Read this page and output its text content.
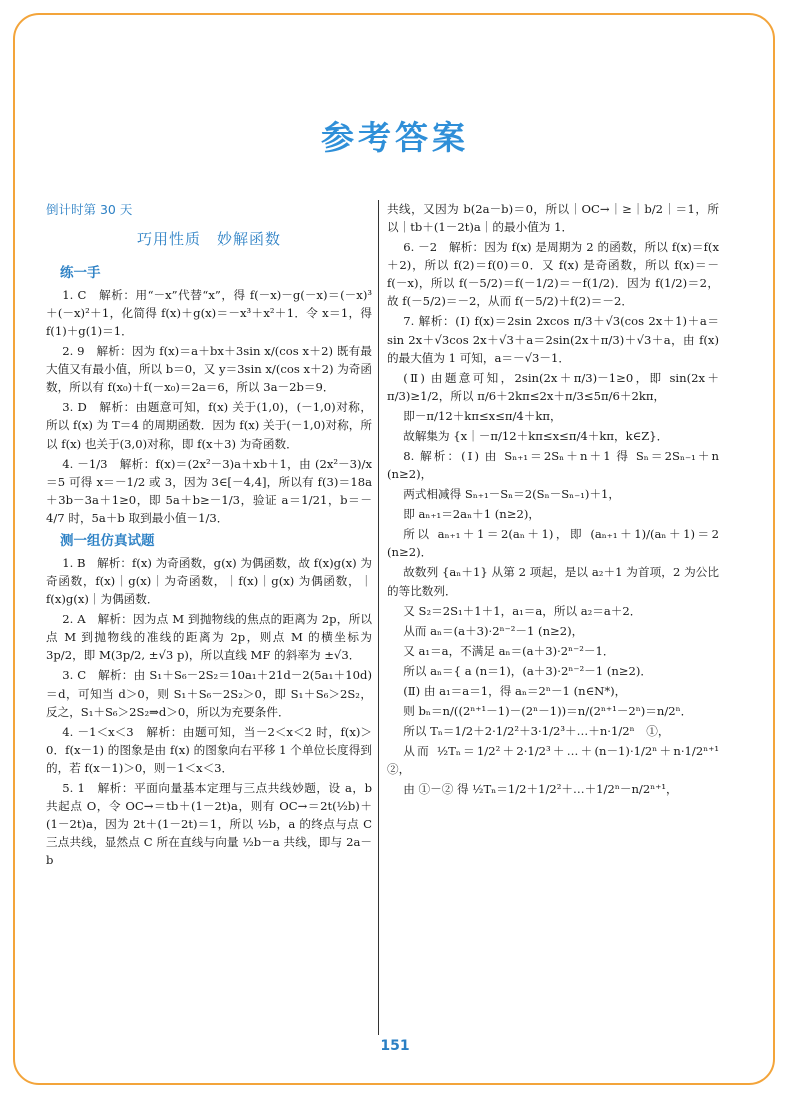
参考答案

倒计时第 30 天

巧用性质　妙解函数

练一手

1. C　解析：用“－x”代替“x”，得 f(－x)－g(－x)＝(－x)³＋(－x)²＋1，化简得 f(x)＋g(x)＝－x³＋x²＋1．令 x＝1，得 f(1)＋g(1)＝1．

2. 9　解析：因为 f(x)＝a＋bx＋3sin x/(cos x＋2) 既有最大值又有最小值，所以 b＝0，又 y＝3sin x/(cos x＋2) 为奇函数，所以有 f(x₀)＋f(－x₀)＝2a＝6，所以 3a－2b＝9．

3. D　解析：由题意可知，f(x) 关于(1,0)，(－1,0)对称，所以 f(x) 为 T＝4 的周期函数．因为 f(x) 关于(－1,0)对称，所以 f(x) 也关于(3,0)对称，即 f(x＋3) 为奇函数．

4. －1/3　解析：f(x)＝(2x²－3)a＋xb＋1，由 (2x²－3)/x ＝5 可得 x＝－1/2 或 3，因为 3∈[－4,4]，所以有 f(3)＝18a＋3b－3a＋1≥0，即 5a＋b≥－1/3，验证 a＝1/21，b＝－4/7 时，5a＋b 取到最小值－1/3．

测一组仿真试题

1. B　解析：f(x) 为奇函数，g(x) 为偶函数，故 f(x)g(x) 为奇函数，f(x)｜g(x)｜为奇函数，｜f(x)｜g(x) 为偶函数，｜f(x)g(x)｜为偶函数．

2. A　解析：因为点 M 到抛物线的焦点的距离为 2p，所以点 M 到抛物线的准线的距离为 2p，则点 M 的横坐标为 3p/2，即 M(3p/2, ±√3 p)，所以直线 MF 的斜率为 ±√3．

3. C　解析：由 S₁＋S₆－2S₂＝10a₁＋21d－2(5a₁＋10d)＝d，可知当 d＞0，则 S₁＋S₆－2S₂＞0，即 S₁＋S₆＞2S₂，反之，S₁＋S₆＞2S₂⇒d＞0，所以为充要条件．

4. －1＜x＜3　解析：由题可知，当－2＜x＜2 时，f(x)＞0．f(x－1) 的图象是由 f(x) 的图象向右平移 1 个单位长度得到的，若 f(x－1)＞0，则－1＜x＜3．

5. 1　解析：平面向量基本定理与三点共线妙题，设 a，b 共起点 O，令 OC→＝tb＋(1－2t)a，则有 OC→＝2t(½b)＋(1－2t)a，因为 2t＋(1－2t)＝1，所以 ½b，a 的终点与点 C 三点共线，显然点 C 所在直线与向量 ½b－a 共线，即与 2a－b

共线，又因为 b(2a－b)＝0，所以｜OC→｜≥｜b/2｜＝1，所以｜tb＋(1－2t)a｜的最小值为 1．

6. －2　解析：因为 f(x) 是周期为 2 的函数，所以 f(x)＝f(x＋2)，所以 f(2)＝f(0)＝0．又 f(x) 是奇函数，所以 f(x)＝－f(－x)，所以 f(－5/2)＝f(－1/2)＝－f(1/2)．因为 f(1/2)＝2，故 f(－5/2)＝－2，从而 f(－5/2)＋f(2)＝－2．

7. 解析：(Ⅰ) f(x)＝2sin 2xcos π/3＋√3(cos 2x＋1)＋a＝sin 2x＋√3cos 2x＋√3＋a＝2sin(2x＋π/3)＋√3＋a，由 f(x) 的最大值为 1 可知，a＝－√3－1．

(Ⅱ) 由题意可知，2sin(2x＋π/3)－1≥0，即 sin(2x＋π/3)≥1/2，所以 π/6＋2kπ≤2x＋π/3≤5π/6＋2kπ，

即－π/12＋kπ≤x≤π/4＋kπ，

故解集为 {x｜－π/12＋kπ≤x≤π/4＋kπ，k∈Z}．

8. 解析：(Ⅰ) 由 Sₙ₊₁＝2Sₙ＋n＋1 得 Sₙ＝2Sₙ₋₁＋n (n≥2)，

两式相减得 Sₙ₊₁－Sₙ＝2(Sₙ－Sₙ₋₁)＋1，

即 aₙ₊₁＝2aₙ＋1 (n≥2)，

所以 aₙ₊₁＋1＝2(aₙ＋1)，即 (aₙ₊₁＋1)/(aₙ＋1)＝2 (n≥2)．

故数列 {aₙ＋1} 从第 2 项起，是以 a₂＋1 为首项，2 为公比的等比数列．

又 S₂＝2S₁＋1＋1，a₁＝a，所以 a₂＝a＋2．

从而 aₙ＝(a＋3)·2ⁿ⁻²－1 (n≥2)，

又 a₁＝a，不满足 aₙ＝(a＋3)·2ⁿ⁻²－1．

所以 aₙ＝{ a (n＝1)，(a＋3)·2ⁿ⁻²－1 (n≥2)．

(Ⅱ) 由 a₁＝a＝1，得 aₙ＝2ⁿ－1 (n∈N*)，

则 bₙ＝n/((2ⁿ⁺¹－1)－(2ⁿ－1))＝n/(2ⁿ⁺¹－2ⁿ)＝n/2ⁿ．

所以 Tₙ＝1/2＋2·1/2²＋3·1/2³＋…＋n·1/2ⁿ　①，

从而 ½Tₙ＝1/2²＋2·1/2³＋…＋(n－1)·1/2ⁿ＋n·1/2ⁿ⁺¹　②，

由 ①－② 得 ½Tₙ＝1/2＋1/2²＋…＋1/2ⁿ－n/2ⁿ⁺¹，

151
